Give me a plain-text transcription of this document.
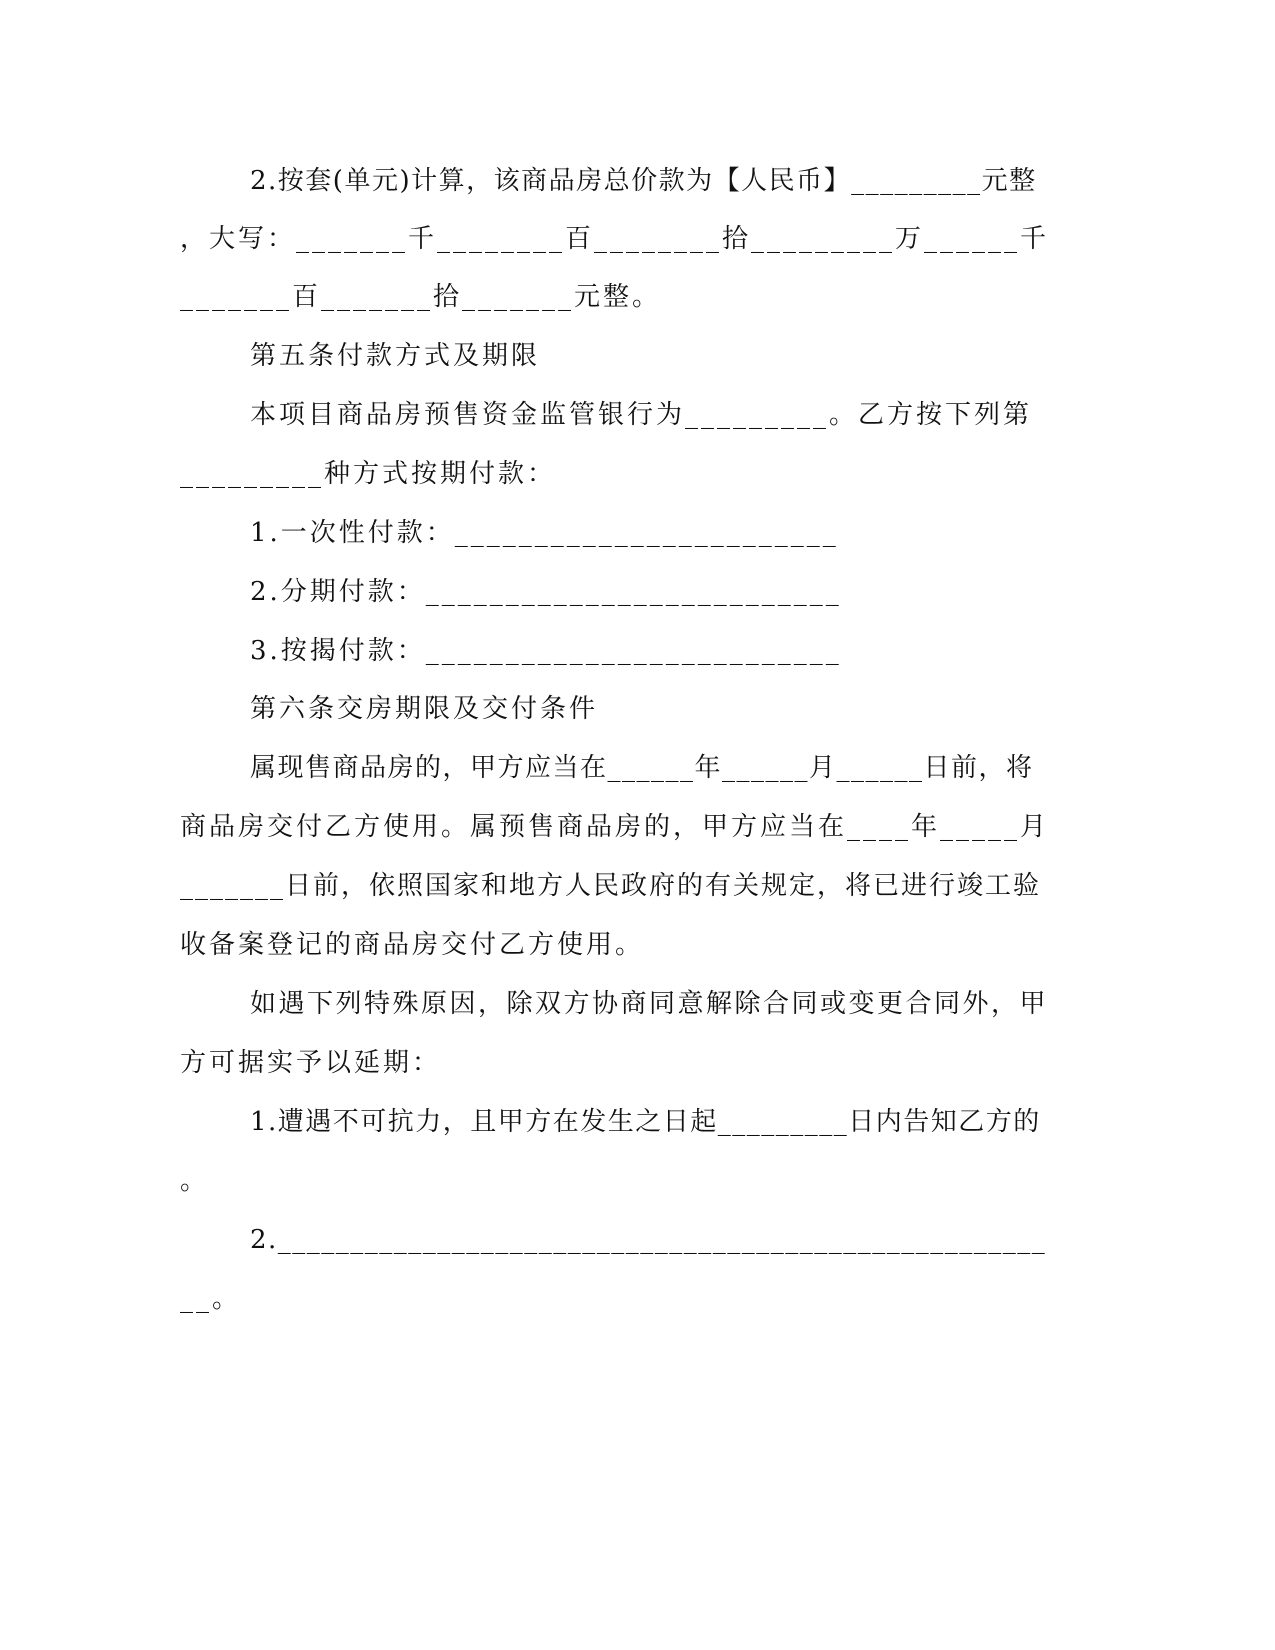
2.按套(单元)计算，该商品房总价款为【人民币】_________元整
，大写：_______千________百________拾_________万______千
_______百_______拾_______元整。
第五条付款方式及期限
本项目商品房预售资金监管银行为_________。乙方按下列第
_________种方式按期付款：
1.一次性付款：________________________
2.分期付款：__________________________
3.按揭付款：__________________________
第六条交房期限及交付条件
属现售商品房的，甲方应当在______年______月______日前，将
商品房交付乙方使用。属预售商品房的，甲方应当在____年_____月
_______日前，依照国家和地方人民政府的有关规定，将已进行竣工验
收备案登记的商品房交付乙方使用。
如遇下列特殊原因，除双方协商同意解除合同或变更合同外，甲
方可据实予以延期：
1.遭遇不可抗力，且甲方在发生之日起_________日内告知乙方的
。
2._____________________________________________________
__。
